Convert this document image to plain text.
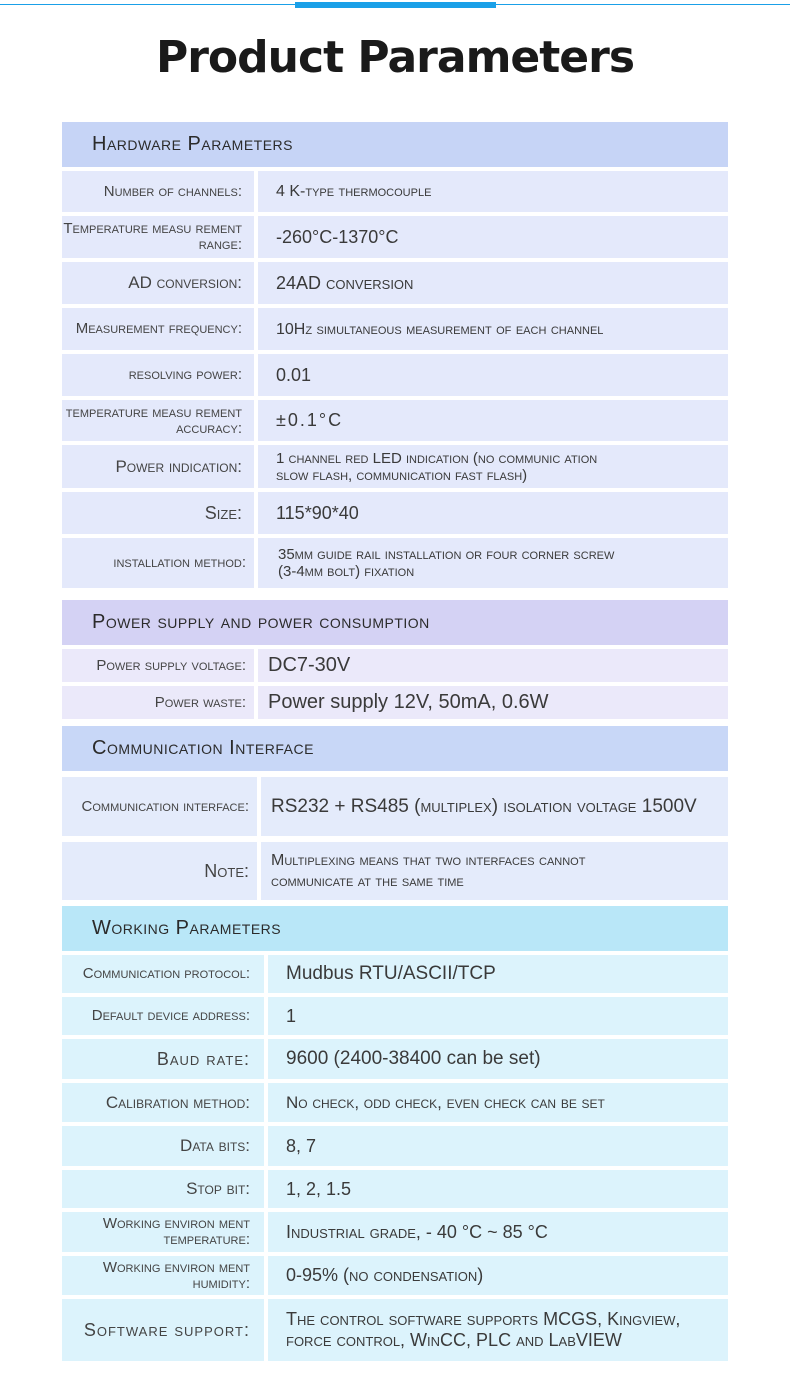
Product Parameters
Hardware Parameters
Number of channels:	4 K-type thermocouple
Temperature measu rement range:	-260°C-1370°C
AD conversion:	24AD conversion
Measurement frequency:	10Hz simultaneous measurement of each channel
resolving power:	0.01
temperature measu rement accuracy:	±0.1°C
Power indication:	1 channel red LED indication (no communic ation slow flash, communication fast flash)
Size:	115*90*40
installation method:	35mm guide rail installation or four corner screw (3-4mm bolt) fixation
Power supply and power consumption
Power supply voltage:	DC7-30V
Power waste:	Power supply 12V, 50mA, 0.6W
Communication Interface
Communication interface:	RS232 + RS485 (multiplex) isolation voltage 1500V
Note:
Multiplexing means that two interfaces cannot communicate at the same time
Working Parameters
Communication protocol:	Mudbus RTU/ASCII/TCP
Default device address:	1
Baud rate:	9600 (2400-38400 can be set)
Calibration method:	No check, odd check, even check can be set
Data bits:	8, 7
Stop bit:	1, 2, 1.5
Working environ ment temperature:	Industrial grade, - 40 °C ~ 85 °C
Working environ ment humidity:	0-95% (no condensation)
Software support:
The control software supports MCGS, Kingview, force control, WinCC, PLC and LabVIEW
